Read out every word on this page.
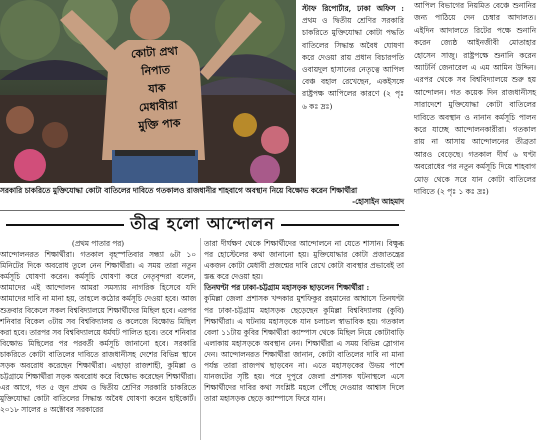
কোটা প্রথা
নিপাত
যাক
মেধাবীরা
মুক্তি পাক

স্টাফ রিপোর্টার, ঢাকা অফিস : প্রথম ও দ্বিতীয় শ্রেণির সরকারি চাকরিতে মুক্তিযোদ্ধা কোটা পদ্ধতি বাতিলের সিদ্ধান্ত অবৈধ ঘোষণা করে দেওয়া রায় প্রধান বিচারপতি ওবায়দুল হাসানের নেতৃত্বে আপিল বেঞ্চ বহাল রেখেছেন, একইসঙ্গে রাষ্ট্রপক্ষ আপিলের কারণে (২ পৃঃ ৬ কঃ দ্রঃ)

আপিল বিভাগের নিয়মিত বেঞ্চে শুনানির জন্য পাঠিয়ে দেন চেম্বার আদালত। এইদিন আদালতে রিটের পক্ষে শুনানি করেন জ্যেষ্ঠ আইনজীবী মোতাহার হোসেন সাজু। রাষ্ট্রপক্ষে শুনানি করেন অ্যাটর্নি জেনারেল এ এম আমিন উদ্দিন। এরপর থেকে সব বিশ্ববিদ্যালয়ে শুরু হয় আন্দোলন। গত কয়েক দিন রাজধানীসহ সারাদেশে মুক্তিযোদ্ধা কোটা বাতিলের দাবিতে অবস্থান ও নানান কর্মসূচি পালন করে যাচ্ছে আন্দোলনকারীরা। গতকাল রায় না আসায় আন্দোলনের তীব্রতা আরও বেড়েছে। গতকাল দীর্ঘ ৬ ঘণ্টা অবরোধের পর নতুন কর্মসূচি দিয়ে শাহবাগ মোড় থেকে সরে যান কোটা বাতিলের দাবিতে (২ পৃঃ ১ কঃ দ্রঃ)

সরকারি চাকরিতে মুক্তিযোদ্ধা কোটা বাতিলের দাবিতে গতকালও রাজধানীর শাহবাগে অবস্থান নিয়ে বিক্ষোভ করেন শিক্ষার্থীরা
-হোসাইন আহমাদ
তীব্র হলো আন্দোলন
(প্রথম পাতার পর)
আন্দোলনরত শিক্ষার্থীরা। গতকাল বৃহস্পতিবার সন্ধ্যা ৬টা ১০ মিনিটের দিকে অবরোধ তুলে নেন শিক্ষার্থীরা। এ সময় তারা নতুন কর্মসূচি ঘোষণা করেন। কর্মসূচি ঘোষণা করে নেতৃবৃন্দরা বলেন, আমাদের এই আন্দোলন আমরা সমস্যায় নাগরিক হিসেবে যদি আমাদের দাবি না মানা হয়, তাহলে কঠোর কর্মসূচি দেওয়া হবে। আজ শুক্রবার বিকেলে সকল বিশ্ববিদ্যালয়ে শিক্ষার্থীদের মিছিল হবে। এরপর শনিবার বিকেল ৩টায় সব বিশ্ববিদ্যালয় ও কলেজে বিক্ষোভ মিছিল করা হবে। তারপর সব বিশ্ববিদ্যালয়ে ধর্মঘট পালিত হবে। তবে শনিবার বিক্ষোভ মিছিলের পর পরবর্তী কর্মসূচি জানানো হবে। সরকারি চাকরিতে কোটা বাতিলের দাবিতে রাজধানীসহ দেশের বিভিন্ন স্থানে সড়ক অবরোধ করেছেন শিক্ষার্থীরা। এছাড়া রাজশাহী, কুমিল্লা ও চট্টগ্রামে শিক্ষার্থীরা সড়ক অবরোধ করে বিক্ষোভ করেছেন শিক্ষার্থীরা। এর আগে, গত ৫ জুন প্রথম ও দ্বিতীয় শ্রেণির সরকারি চাকরিতে মুক্তিযোদ্ধা কোটা বাতিলের সিদ্ধান্ত অবৈধ ঘোষণা করেন হাইকোর্ট। ২০১৮ সালের ৪ অক্টোবর সরকারের
তারা দীর্ঘক্ষণ থেকে শিক্ষার্থীদের আন্দোলনে না যেতে শাসান। বিক্ষুব্ধ পর হোস্টেলের কথা জানানো হয়। মুক্তিযোদ্ধার কোটা প্রজাতন্ত্রের একজন কোটা মেধাবী প্রজন্মের দাবি রেখে কোটা ব্যবস্থার প্রভাবেই তা স্তব্ধ করে দেওয়া হয়।
তিনঘণ্টা পর ঢাকা-চট্টগ্রাম মহাসড়ক ছাড়লেন শিক্ষার্থীরা :
কুমিল্লা জেলা প্রশাসক খন্দকার মুশফিকুর রহমানের আশ্বাসে তিনঘণ্টা পর ঢাকা-চট্টগ্রাম মহাসড়ক ছেড়েছেন কুমিল্লা বিশ্ববিদ্যালয় (কুবি) শিক্ষার্থীরা। এ ঘটনায় মহাসড়কে যান চলাচল স্বাভাবিক হয়। গতকাল বেলা ১১টায় কুবির শিক্ষার্থীরা ক্যাম্পাস থেকে মিছিল নিয়ে কোটাবাড়ি এলাকায় মহাসড়কে অবস্থান নেন। শিক্ষার্থীরা এ সময় বিভিন্ন স্লোগান দেন। আন্দোলনরত শিক্ষার্থীরা জানান, কোটা বাতিলের দাবি না মানা পর্যন্ত তারা রাজপথ ছাড়বেন না। এতে মহাসড়কের উভয় পাশে যানজটের সৃষ্টি হয়। পরে দুপুরে জেলা প্রশাসক ঘটনাস্থলে এসে শিক্ষার্থীদের দাবির কথা সংশ্লিষ্ট মহলে পৌঁছে দেওয়ার আশ্বাস দিলে তারা মহাসড়ক ছেড়ে ক্যাম্পাসে ফিরে যান।
